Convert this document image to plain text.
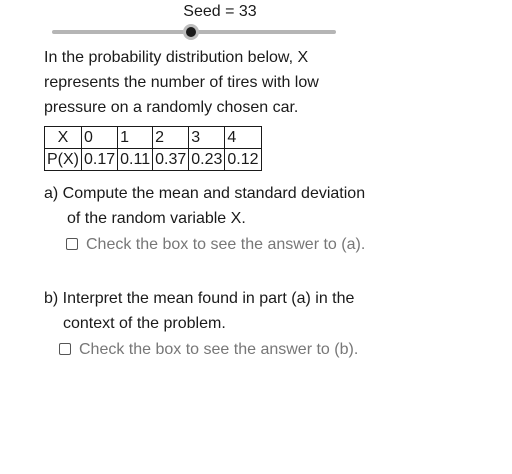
Seed = 33
In the probability distribution below, X
represents the number of tires with low
pressure on a randomly chosen car.
X	0	1	2	3	4
P(X)	0.17	0.11	0.37	0.23	0.12
a) Compute the mean and standard deviation
of the random variable X.
Check the box to see the answer to (a).
b) Interpret the mean found in part (a) in the
context of the problem.
Check the box to see the answer to (b).
